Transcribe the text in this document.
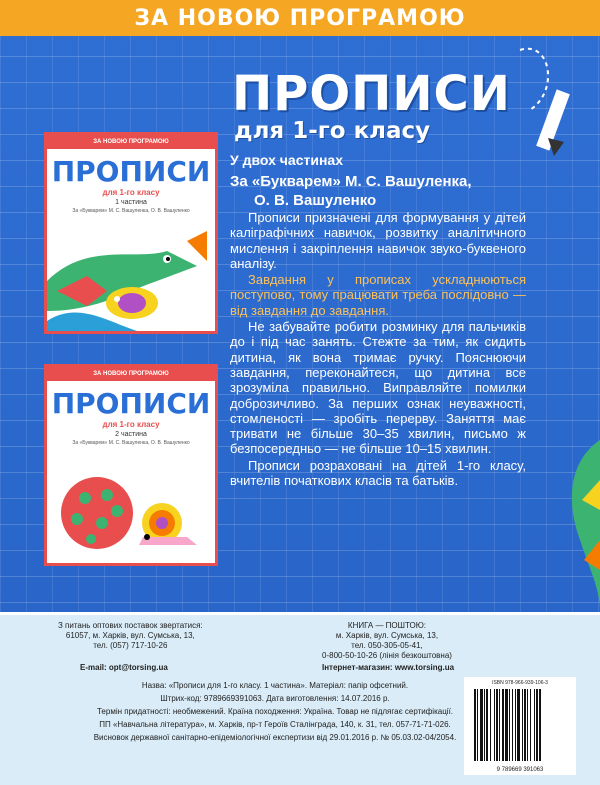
ЗА НОВОЮ ПРОГРАМОЮ
ПРОПИСИ
для 1-го класу
У двох частинах
За «Букварем» М. С. Вашуленка,
О. В. Вашуленко

Прописи призначені для формування у дітей каліграфічних навичок, розвитку аналітичного мислення і закріплення навичок звуко-буквеного аналізу.

Завдання у прописах ускладнюються поступово, тому працювати треба послідовно — від завдання до завдання.

Не забувайте робити розминку для пальчиків до і під час занять. Стежте за тим, як сидить дитина, як вона тримає ручку. Пояснюючи завдання, переконайтеся, що дитина все зрозуміла правильно. Виправляйте помилки доброзичливо. За перших ознак неуважності, стомленості — зробіть перерву. Заняття має тривати не більше 30–35 хвилин, письмо ж безпосередньо — не більше 10–15 хвилин.

Прописи розраховані на дітей 1-го класу, вчителів початкових класів та батьків.

ЗА НОВОЮ ПРОГРАМОЮ
ПРОПИСИ
для 1-го класу
1 частина
За «Букварем» М. С. Вашуленка, О. В. Вашуленко
ЗА НОВОЮ ПРОГРАМОЮ
ПРОПИСИ
для 1-го класу
2 частина
За «Букварем» М. С. Вашуленка, О. В. Вашуленко
З питань оптових поставок звертатися:
61057, м. Харків, вул. Сумська, 13,
тел. (057) 717-10-26
E-mail: opt@torsing.ua
КНИГА — ПОШТОЮ:
м. Харків, вул. Сумська, 13,
тел. 050-305-05-41,
0-800-50-10-26 (лінія безкоштовна)
Інтернет-магазин: www.torsing.ua
Назва: «Прописи для 1-го класу. 1 частина». Матеріал: папір офсетний.
Штрих-код: 9789669391063. Дата виготовлення: 14.07.2016 р.
Термін придатності: необмежений. Країна походження: Україна. Товар не підлягає сертифікації.
ПП «Навчальна література», м. Харків, пр-т Героїв Сталінграда, 140, к. 31, тел. 057-71-71-026.
Висновок державної санітарно-епідеміологічної експертизи від 29.01.2016 р. № 05.03.02-04/2054.
ISBN 978-966-939-106-3
9 789669 391063
